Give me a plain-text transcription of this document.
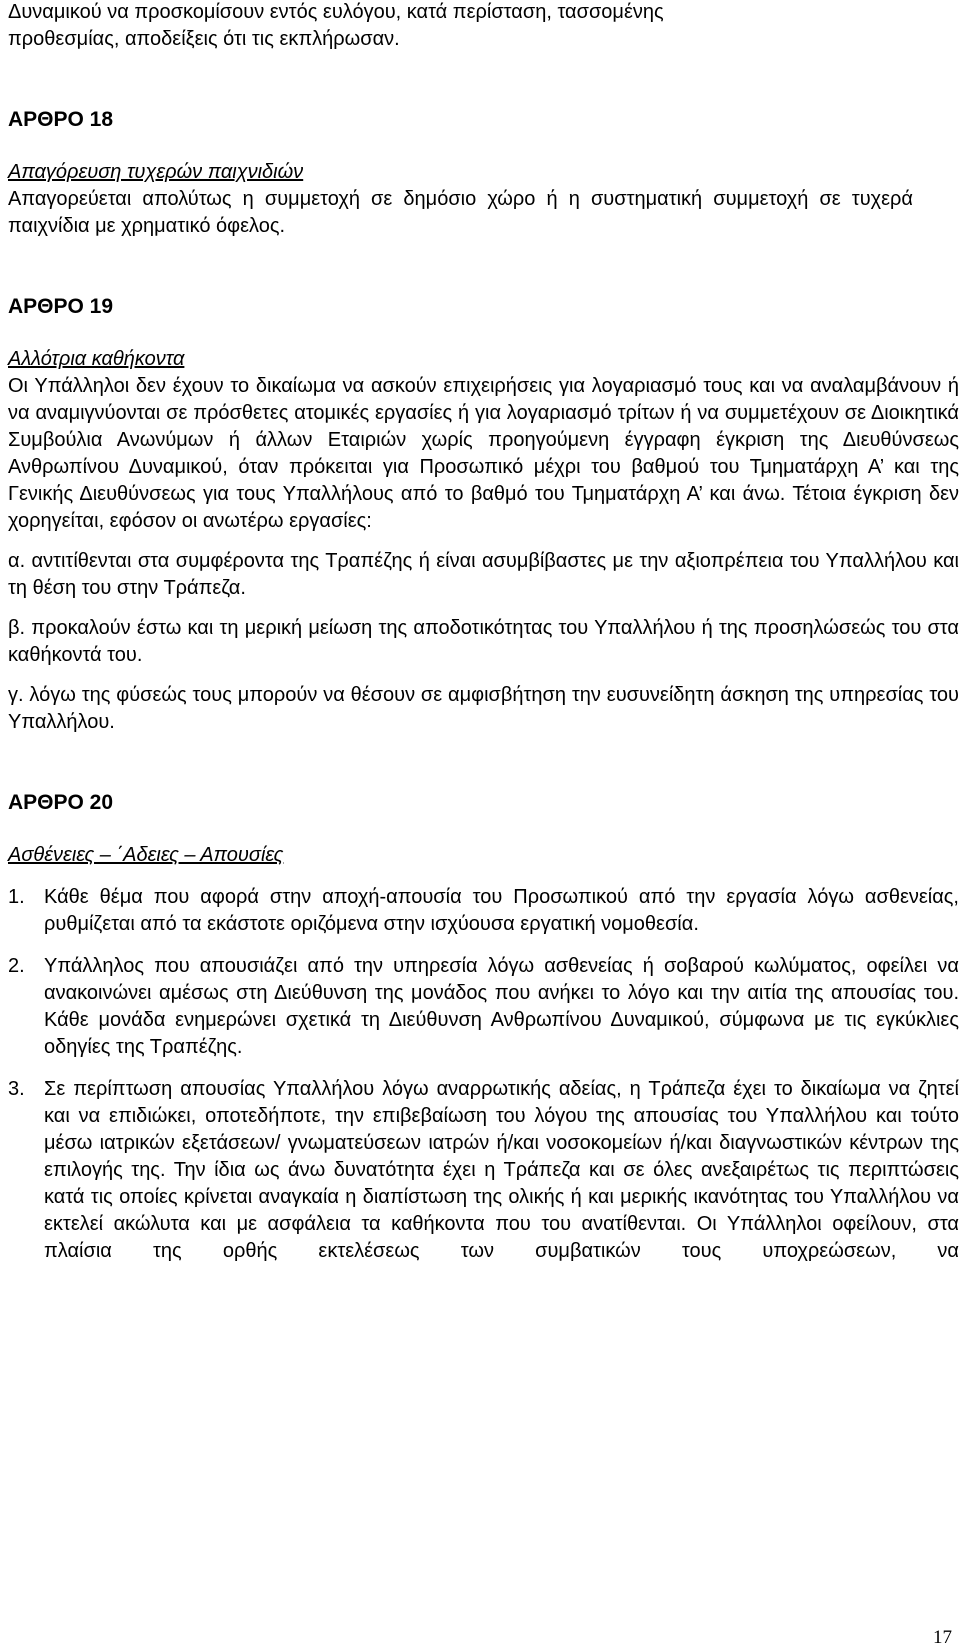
Δυναμικού να προσκομίσουν εντός ευλόγου, κατά περίσταση, τασσομένης

προθεσμίας, αποδείξεις ότι τις εκπλήρωσαν.

ΑΡΘΡΟ 18

Απαγόρευση τυχερών παιχνιδιών

Απαγορεύεται απολύτως η συμμετοχή σε δημόσιο χώρο ή η συστηματική συμμετοχή σε τυχερά παιχνίδια με χρηματικό όφελος.

ΑΡΘΡΟ 19

Αλλότρια καθήκοντα

Οι Υπάλληλοι δεν έχουν το δικαίωμα να ασκούν επιχειρήσεις για λογαριασμό τους και να αναλαμβάνουν ή να αναμιγνύονται σε πρόσθετες ατομικές εργασίες ή για λογαριασμό τρίτων ή να συμμετέχουν σε Διοικητικά Συμβούλια Ανωνύμων ή άλλων Εταιριών χωρίς προηγούμενη έγγραφη έγκριση της Διευθύνσεως Ανθρωπίνου Δυναμικού, όταν πρόκειται για Προσωπικό μέχρι του βαθμού του Τμηματάρχη Α’ και της Γενικής Διευθύνσεως για τους Υπαλλήλους από το βαθμό του Τμηματάρχη Α’ και άνω. Τέτοια έγκριση δεν χορηγείται, εφόσον οι ανωτέρω εργασίες:

α. αντιτίθενται στα συμφέροντα της Τραπέζης ή είναι ασυμβίβαστες με την αξιοπρέπεια του Υπαλλήλου και τη θέση του στην Τράπεζα.

β. προκαλούν έστω και τη μερική μείωση της αποδοτικότητας του Υπαλλήλου ή της προσηλώσεώς του στα καθήκοντά του.

γ. λόγω της φύσεώς τους μπορούν να θέσουν σε αμφισβήτηση την ευσυνείδητη άσκηση της υπηρεσίας του Υπαλλήλου.

ΑΡΘΡΟ 20

Ασθένειες – ΄Αδειες – Απουσίες

1. Κάθε θέμα που αφορά στην αποχή-απουσία του Προσωπικού από την εργασία λόγω ασθενείας, ρυθμίζεται από τα εκάστοτε οριζόμενα στην ισχύουσα εργατική νομοθεσία.
2. Υπάλληλος που απουσιάζει από την υπηρεσία λόγω ασθενείας ή σοβαρού κωλύματος, οφείλει να ανακοινώνει αμέσως στη Διεύθυνση της μονάδος που ανήκει το λόγο και την αιτία της απουσίας του. Κάθε μονάδα ενημερώνει σχετικά τη Διεύθυνση Ανθρωπίνου Δυναμικού, σύμφωνα με τις εγκύκλιες οδηγίες της Τραπέζης.
3. Σε περίπτωση απουσίας Υπαλλήλου λόγω αναρρωτικής αδείας, η Τράπεζα έχει το δικαίωμα να ζητεί και να επιδιώκει, οποτεδήποτε, την επιβεβαίωση του λόγου της απουσίας του Υπαλλήλου και τούτο μέσω ιατρικών εξετάσεων/ γνωματεύσεων ιατρών ή/και νοσοκομείων ή/και διαγνωστικών κέντρων της επιλογής της. Την ίδια ως άνω δυνατότητα έχει η Τράπεζα και σε όλες ανεξαιρέτως τις περιπτώσεις κατά τις οποίες κρίνεται αναγκαία η διαπίστωση της ολικής ή και μερικής ικανότητας του Υπαλλήλου να εκτελεί ακώλυτα και με ασφάλεια τα καθήκοντα που του ανατίθενται. Οι Υπάλληλοι οφείλουν, στα πλαίσια της ορθής εκτελέσεως των συμβατικών τους υποχρεώσεων, να
17
